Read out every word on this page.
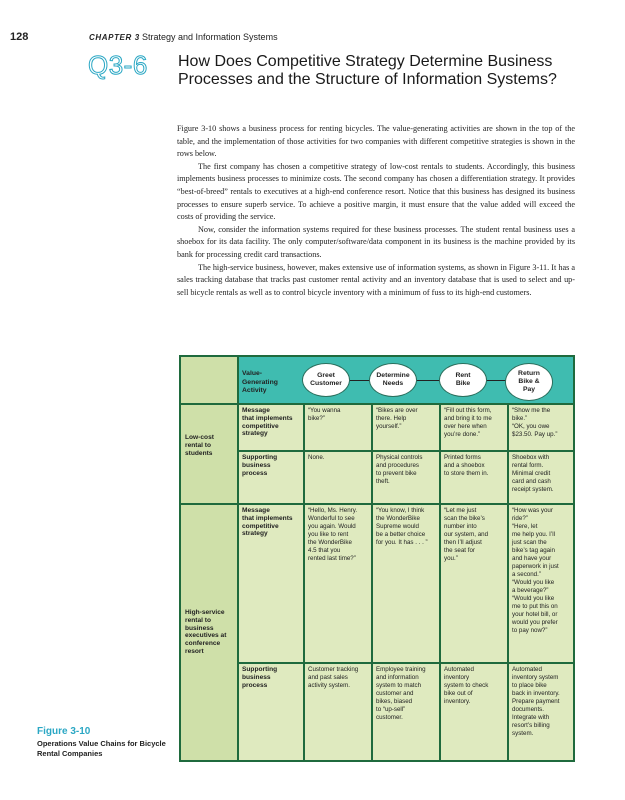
128	CHAPTER 3 Strategy and Information Systems
Q3-6 How Does Competitive Strategy Determine Business Processes and the Structure of Information Systems?

Figure 3-10 shows a business process for renting bicycles. The value-generating activities are shown in the top of the table, and the implementation of those activities for two companies with different competitive strategies is shown in the rows below.

The first company has chosen a competitive strategy of low-cost rentals to students. Accordingly, this business implements business processes to minimize costs. The second company has chosen a differentiation strategy. It provides “best-of-breed” rentals to executives at a high-end conference resort. Notice that this business has designed its business processes to ensure superb service. To achieve a positive margin, it must ensure that the value added will exceed the costs of providing the service.

Now, consider the information systems required for these business processes. The student rental business uses a shoebox for its data facility. The only computer/software/data component in its business is the machine provided by its bank for processing credit card transactions.

The high-service business, however, makes extensive use of information systems, as shown in Figure 3-11. It has a sales tracking database that tracks past customer rental activity and an inventory database that is used to select and up-sell bicycle rentals as well as to control bicycle inventory with a minimum of fuss to its high-end customers.

Figure 3-10
Operations Value Chains for Bicycle Rental Companies
Value-
Generating
Activity
Greet
Customer
Determine
Needs
Rent
Bike
Return
Bike &
Pay
Low-cost
rental to
students
Message
that implements
competitive
strategy
“You wanna
bike?”
“Bikes are over
there. Help
yourself.”
“Fill out this form,
and bring it to me
over here when
you’re done.”
“Show me the
bike.”
“OK, you owe
$23.50. Pay up.”
Supporting
business
process
None.	Physical controls
and procedures
to prevent bike
theft.
Printed forms
and a shoebox
to store them in.
Shoebox with
rental form.
Minimal credit
card and cash
receipt system.
High-service
rental to
business
executives at
conference
resort
Message
that implements
competitive
strategy
“Hello, Ms. Henry.
Wonderful to see
you again. Would
you like to rent
the WonderBike
4.5 that you
rented last time?”
“You know, I think
the WonderBike
Supreme would
be a better choice
for you. It has . . . ”
“Let me just
scan the bike’s
number into
our system, and
then I’ll adjust
the seat for
you.”
“How was your
ride?”
“Here, let
me help you. I’ll
just scan the
bike’s tag again
and have your
paperwork in just
a second.”
“Would you like
a beverage?”
“Would you like
me to put this on
your hotel bill, or
would you prefer
to pay now?”
Supporting
business
process
Customer tracking
and past sales
activity system.
Employee training
and information
system to match
customer and
bikes, biased
to “up-sell”
customer.
Automated
inventory
system to check
bike out of
inventory.
Automated
inventory system
to place bike
back in inventory.
Prepare payment
documents.
Integrate with
resort’s billing
system.
